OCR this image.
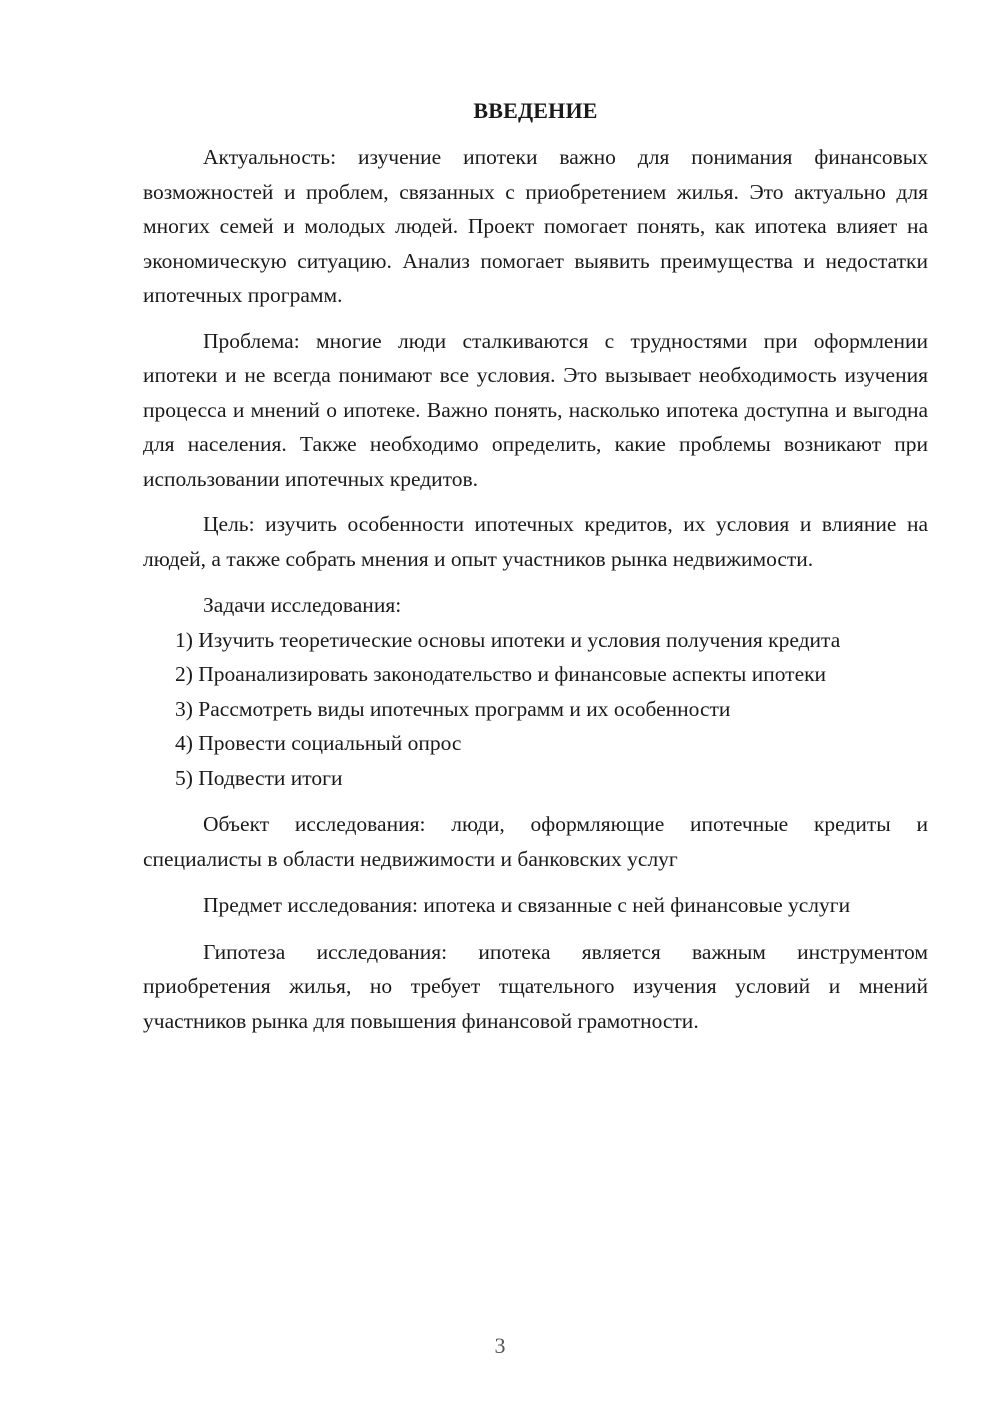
ВВЕДЕНИЕ

Актуальность: изучение ипотеки важно для понимания финансовых возможностей и проблем, связанных с приобретением жилья. Это актуально для многих семей и молодых людей. Проект помогает понять, как ипотека влияет на экономическую ситуацию. Анализ помогает выявить преимущества и недостатки ипотечных программ.

Проблема: многие люди сталкиваются с трудностями при оформлении ипотеки и не всегда понимают все условия. Это вызывает необходимость изучения процесса и мнений о ипотеке. Важно понять, насколько ипотека доступна и выгодна для населения. Также необходимо определить, какие проблемы возникают при использовании ипотечных кредитов.

Цель: изучить особенности ипотечных кредитов, их условия и влияние на людей, а также собрать мнения и опыт участников рынка недвижимости.

Задачи исследования:

1) Изучить теоретические основы ипотеки и условия получения кредита

2) Проанализировать законодательство и финансовые аспекты ипотеки

3) Рассмотреть виды ипотечных программ и их особенности

4) Провести социальный опрос

5) Подвести итоги

Объект исследования: люди, оформляющие ипотечные кредиты и специалисты в области недвижимости и банковских услуг

Предмет исследования: ипотека и связанные с ней финансовые услуги

Гипотеза исследования: ипотека является важным инструментом приобретения жилья, но требует тщательного изучения условий и мнений участников рынка для повышения финансовой грамотности.

3
